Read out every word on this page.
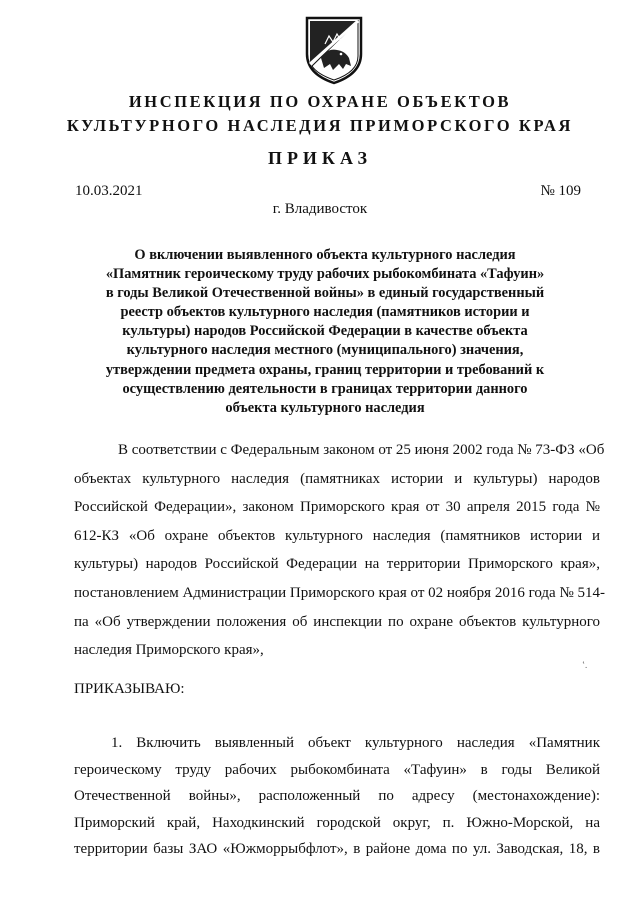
ИНСПЕКЦИЯ ПО ОХРАНЕ ОБЪЕКТОВ
КУЛЬТУРНОГО НАСЛЕДИЯ ПРИМОРСКОГО КРАЯ
ПРИКАЗ
10.03.2021	№ 109
г. Владивосток
О включении выявленного объекта культурного наследия
«Памятник героическому труду рабочих рыбокомбината «Тафуин»
в годы Великой Отечественной войны» в единый государственный
реестр объектов культурного наследия (памятников истории и
культуры) народов Российской Федерации в качестве объекта
культурного наследия местного (муниципального) значения,
утверждении предмета охраны, границ территории и требований к
осуществлению деятельности в границах территории данного
объекта культурного наследия
В соответствии с Федеральным законом от 25 июня 2002 года № 73-ФЗ «Об
объектах культурного наследия (памятниках истории и культуры) народов
Российской Федерации», законом Приморского края от 30 апреля 2015 года №
612-КЗ «Об охране объектов культурного наследия (памятников истории и
культуры) народов Российской Федерации на территории Приморского края»,
постановлением Администрации Приморского края от 02 ноября 2016 года № 514-
па «Об утверждении положения об инспекции по охране объектов культурного
наследия Приморского края»,
‛.
ПРИКАЗЫВАЮ:
1. Включить выявленный объект культурного наследия «Памятник
героическому труду рабочих рыбокомбината «Тафуин» в годы Великой
Отечественной войны», расположенный по адресу (местонахождение):
Приморский край, Находкинский городской округ, п. Южно-Морской, на
территории базы ЗАО «Южморрыбфлот», в районе дома по ул. Заводская, 18, в
